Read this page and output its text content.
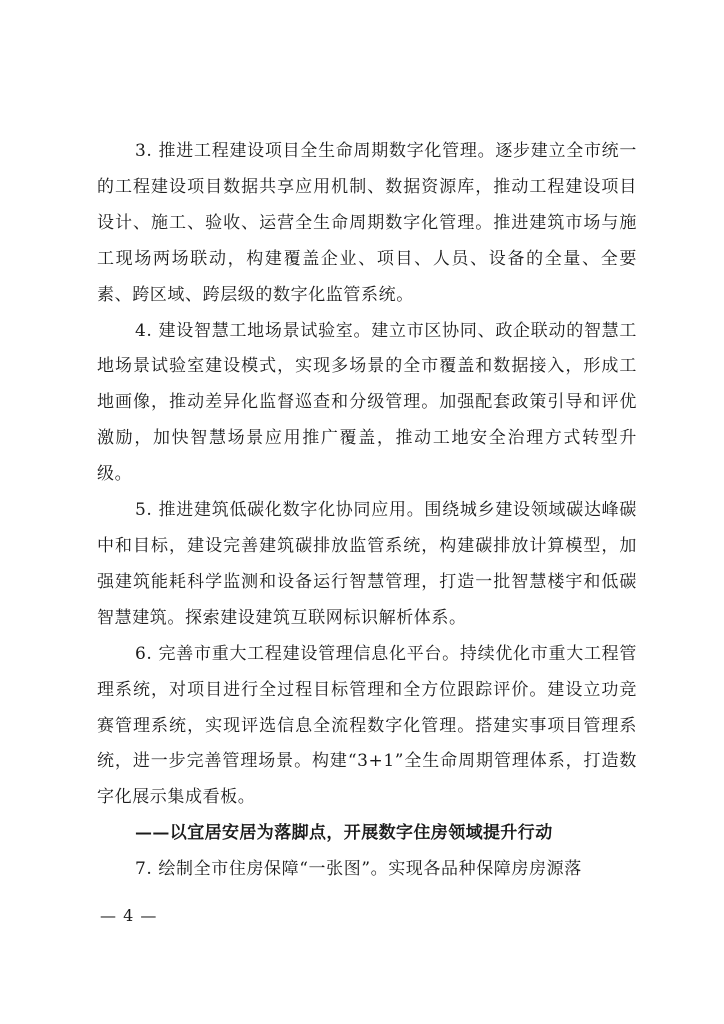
3. 推进工程建设项目全生命周期数字化管理。逐步建立全市统一的工程建设项目数据共享应用机制、数据资源库，推动工程建设项目设计、施工、验收、运营全生命周期数字化管理。推进建筑市场与施工现场两场联动，构建覆盖企业、项目、人员、设备的全量、全要素、跨区域、跨层级的数字化监管系统。

4. 建设智慧工地场景试验室。建立市区协同、政企联动的智慧工地场景试验室建设模式，实现多场景的全市覆盖和数据接入，形成工地画像，推动差异化监督巡查和分级管理。加强配套政策引导和评优激励，加快智慧场景应用推广覆盖，推动工地安全治理方式转型升级。

5. 推进建筑低碳化数字化协同应用。围绕城乡建设领域碳达峰碳中和目标，建设完善建筑碳排放监管系统，构建碳排放计算模型，加强建筑能耗科学监测和设备运行智慧管理，打造一批智慧楼宇和低碳智慧建筑。探索建设建筑互联网标识解析体系。

6. 完善市重大工程建设管理信息化平台。持续优化市重大工程管理系统，对项目进行全过程目标管理和全方位跟踪评价。建设立功竞赛管理系统，实现评选信息全流程数字化管理。搭建实事项目管理系统，进一步完善管理场景。构建“3+1”全生命周期管理体系，打造数字化展示集成看板。

——以宜居安居为落脚点，开展数字住房领域提升行动

7. 绘制全市住房保障“一张图”。实现各品种保障房房源落

— 4 —
